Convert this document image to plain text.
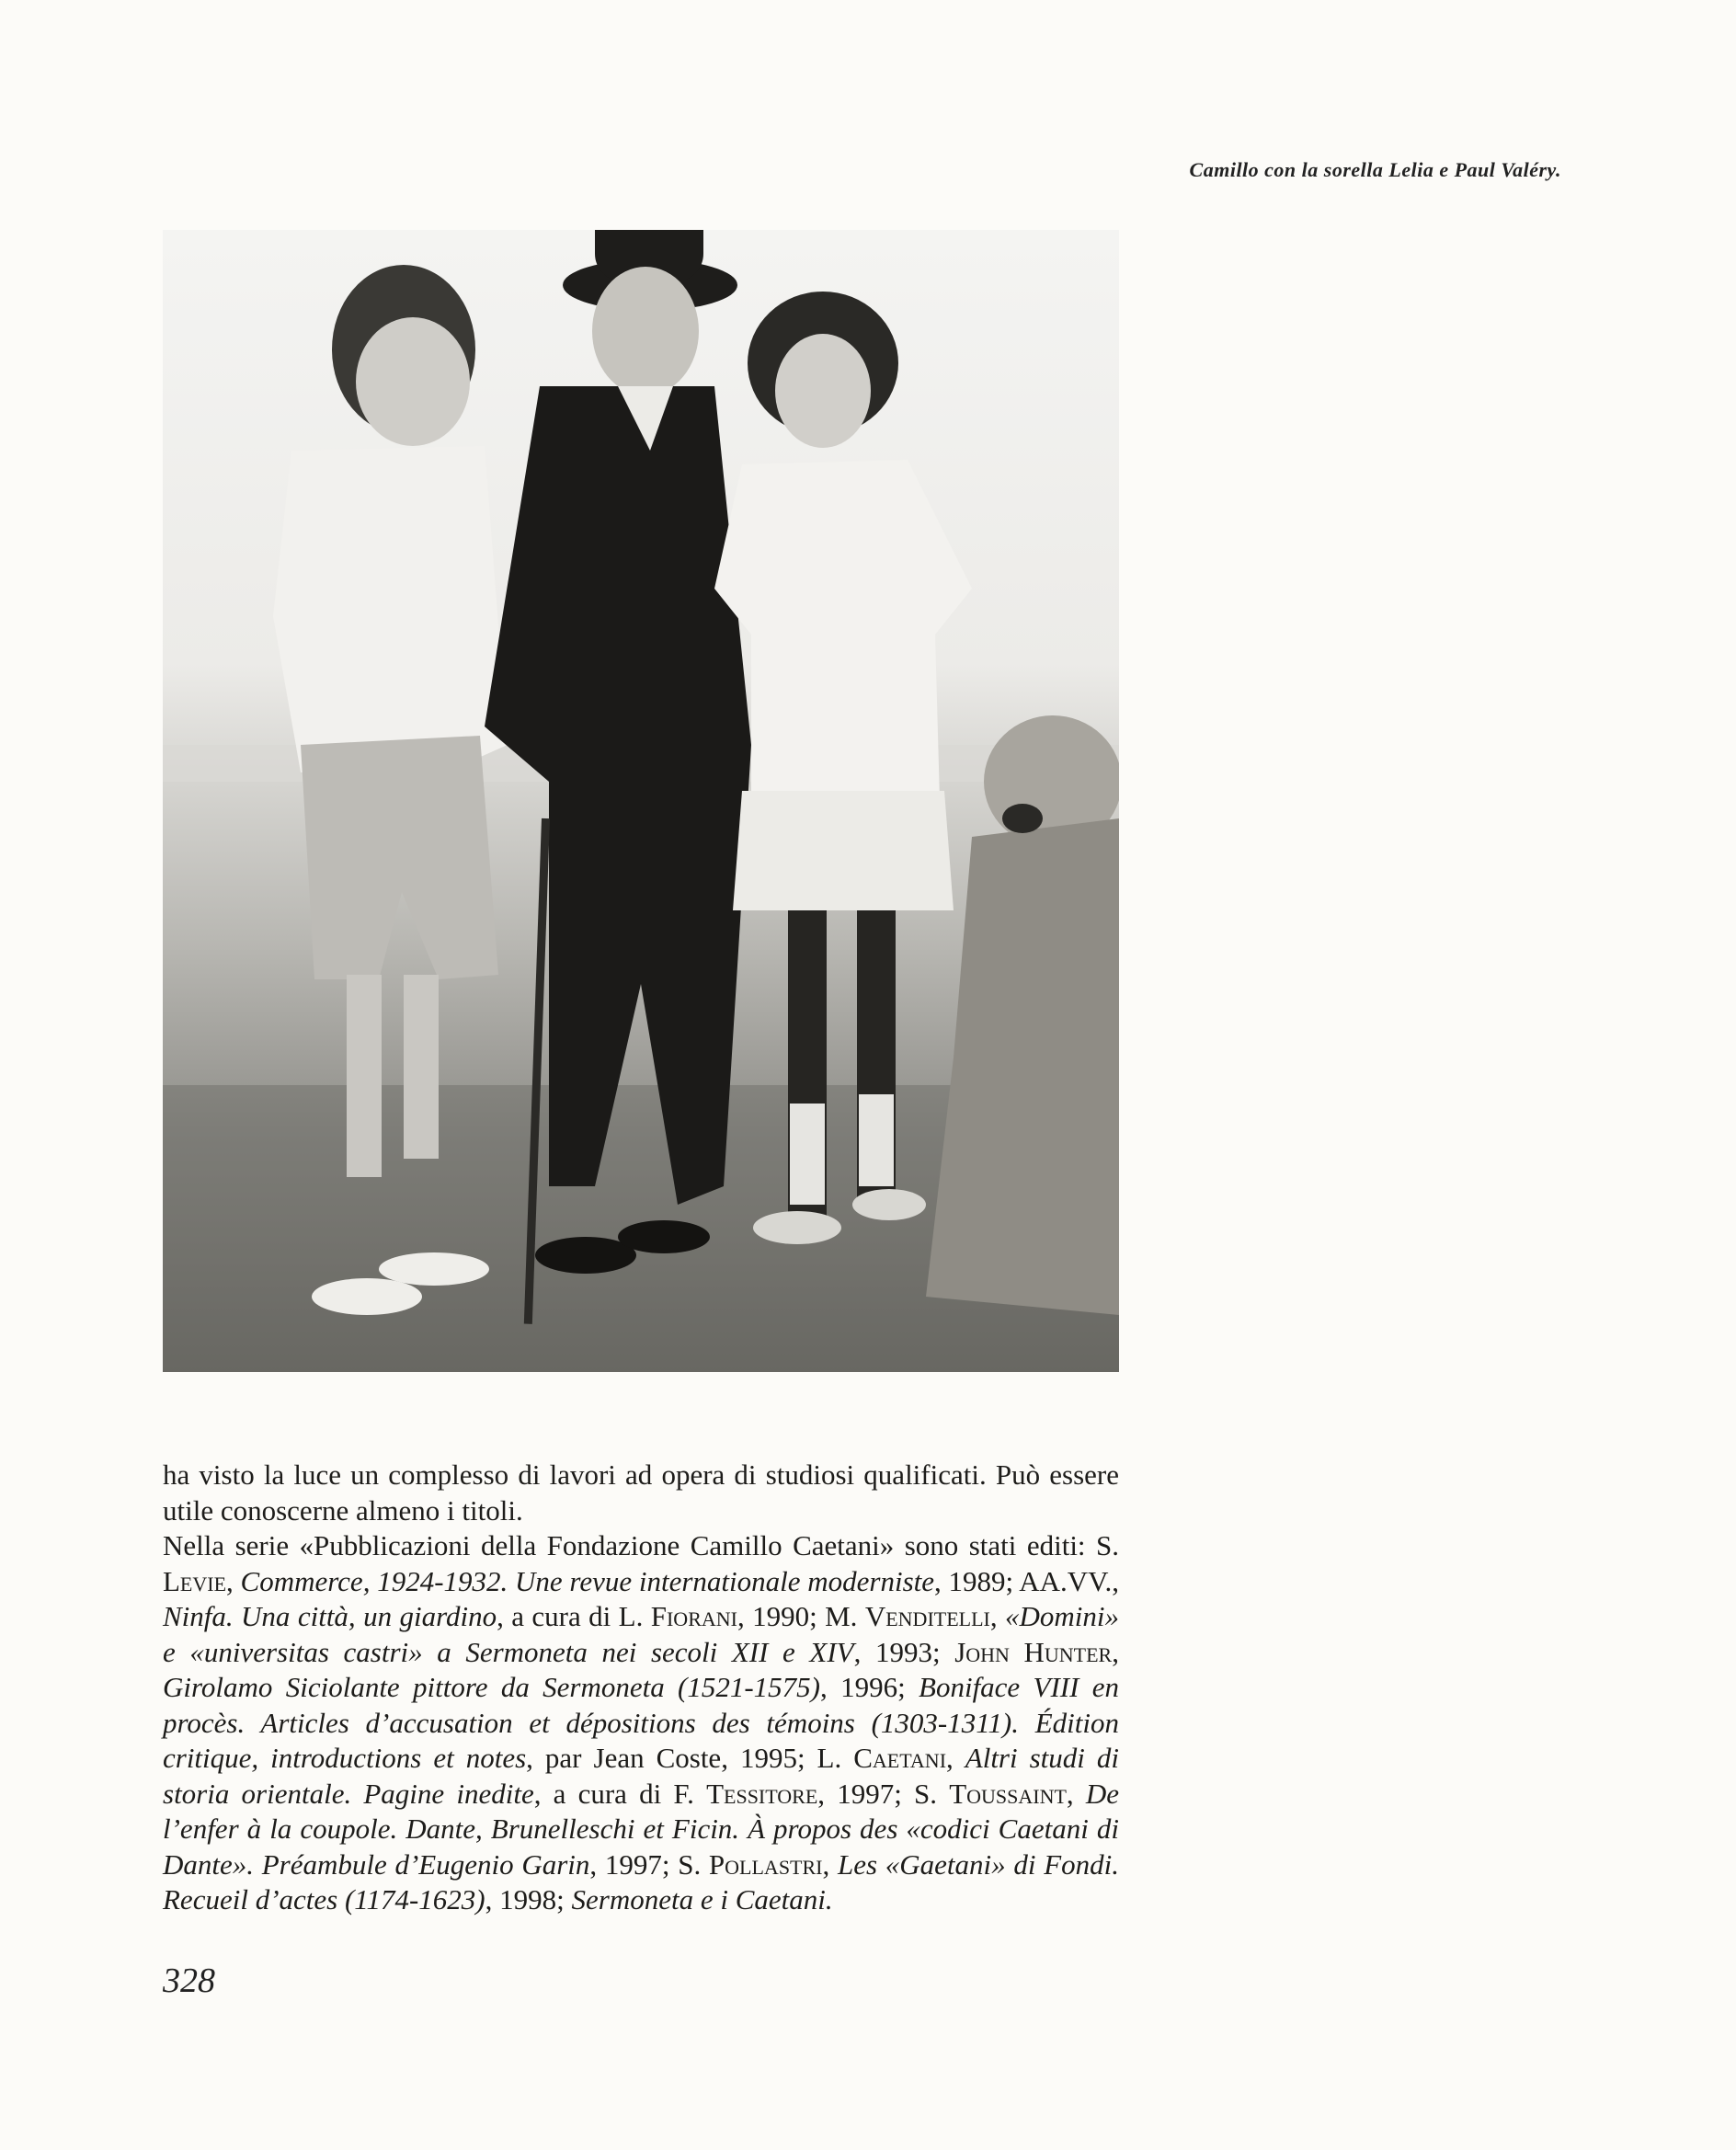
Camillo con la sorella Lelia e Paul Valéry.

ha visto la luce un complesso di lavori ad opera di studiosi qualificati. Può essere utile conoscerne almeno i titoli.

Nella serie «Pubblicazioni della Fondazione Camillo Caetani» sono stati editi: S. Levie, Commerce, 1924-1932. Une revue internationale moderniste, 1989; AA.VV., Ninfa. Una città, un giardino, a cura di L. Fiorani, 1990; M. Venditelli, «Domini» e «universitas castri» a Sermoneta nei secoli XII e XIV, 1993; John Hunter, Girolamo Siciolante pittore da Sermoneta (1521-1575), 1996; Boniface VIII en procès. Articles d’accusation et dépositions des témoins (1303-1311). Édition critique, introductions et notes, par Jean Coste, 1995; L. Caetani, Altri studi di storia orientale. Pagine inedite, a cura di F. Tessitore, 1997; S. Toussaint, De l’enfer à la coupole. Dante, Brunelleschi et Ficin. À propos des «codici Caetani di Dante». Préambule d’Eugenio Garin, 1997; S. Pollastri, Les «Gaetani» di Fondi. Recueil d’actes (1174-1623), 1998; Sermoneta e i Caetani.

328
